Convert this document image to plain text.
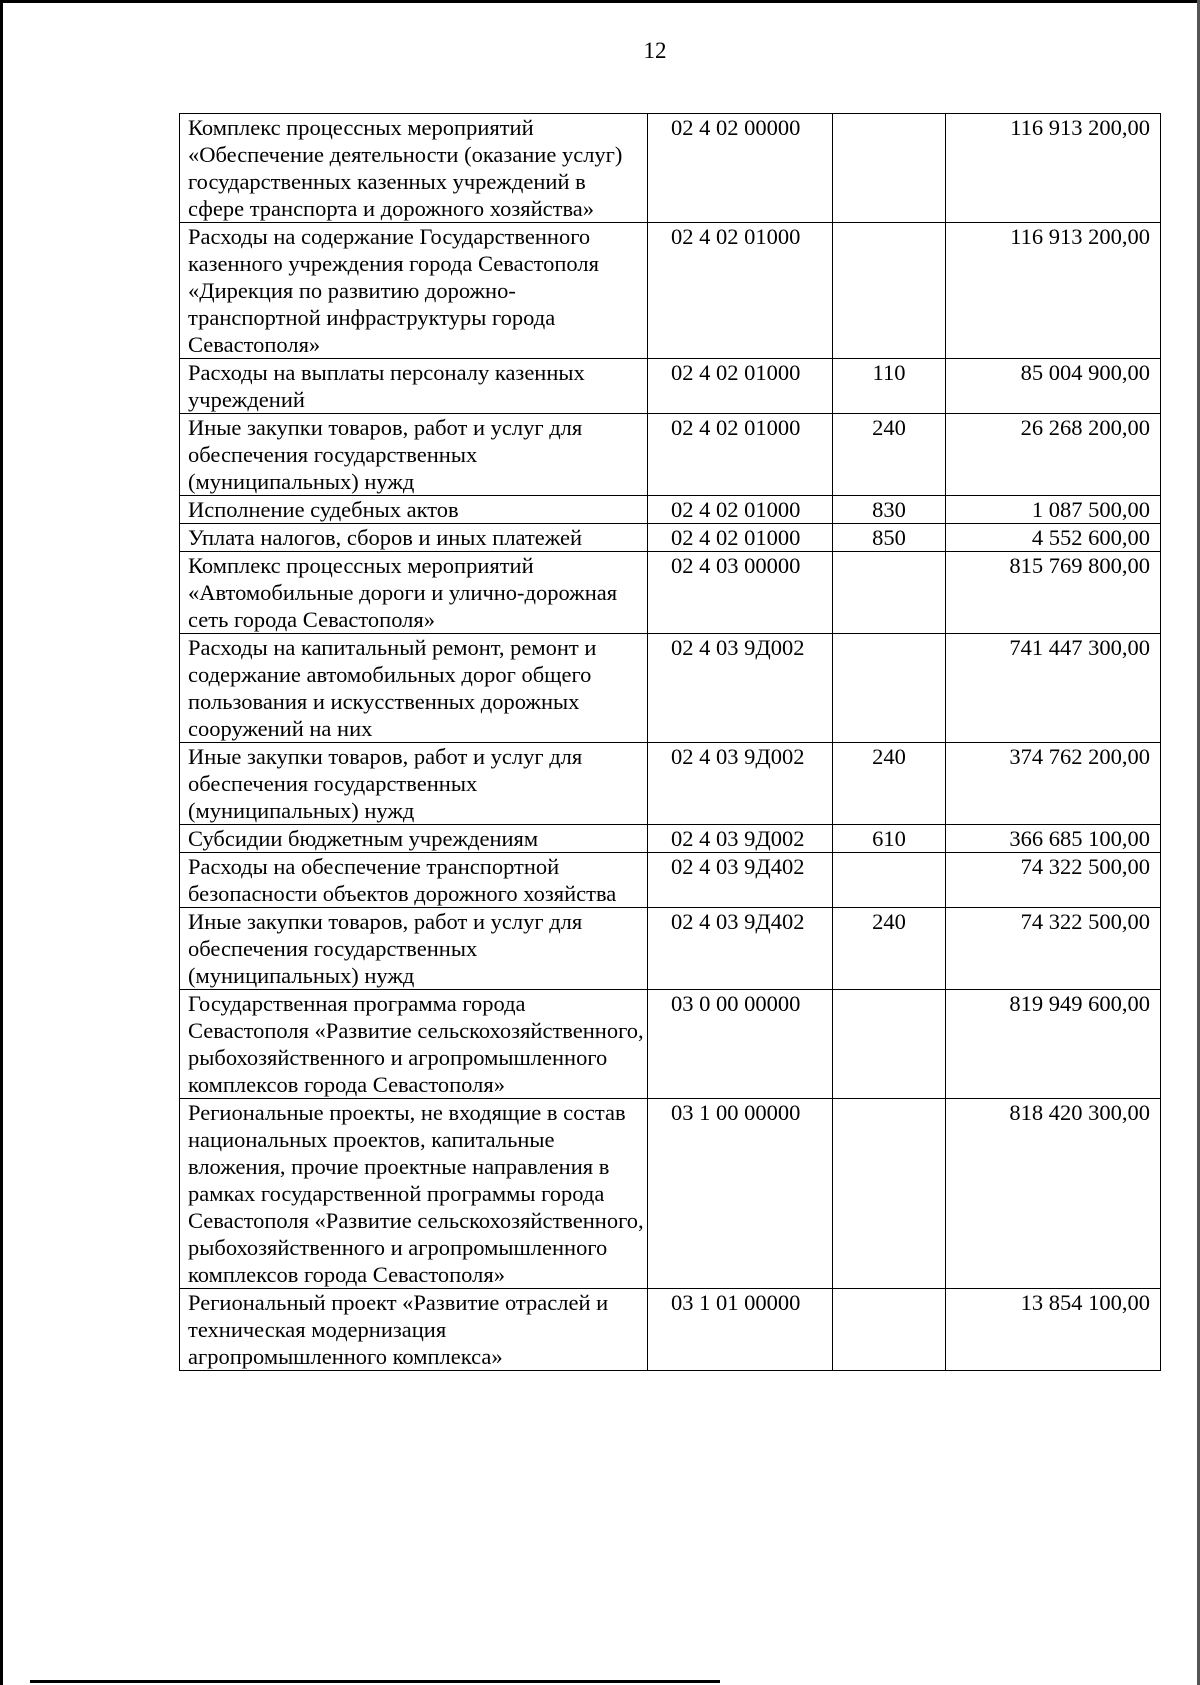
12
Комплекс процессных мероприятий «Обеспечение деятельности (оказание услуг) государственных казенных учреждений в сфере транспорта и дорожного хозяйства»	02 4 02 00000		116 913 200,00
Расходы на содержание Государственного казенного учреждения города Севастополя «Дирекция по развитию дорожно-транспортной инфраструктуры города Севастополя»	02 4 02 01000		116 913 200,00
Расходы на выплаты персоналу казенных учреждений	02 4 02 01000	110	85 004 900,00
Иные закупки товаров, работ и услуг для обеспечения государственных (муниципальных) нужд	02 4 02 01000	240	26 268 200,00
Исполнение судебных актов	02 4 02 01000	830	1 087 500,00
Уплата налогов, сборов и иных платежей	02 4 02 01000	850	4 552 600,00
Комплекс процессных мероприятий «Автомобильные дороги и улично-дорожная сеть города Севастополя»	02 4 03 00000		815 769 800,00
Расходы на капитальный ремонт, ремонт и содержание автомобильных дорог общего пользования и искусственных дорожных сооружений на них	02 4 03 9Д002		741 447 300,00
Иные закупки товаров, работ и услуг для обеспечения государственных (муниципальных) нужд	02 4 03 9Д002	240	374 762 200,00
Субсидии бюджетным учреждениям	02 4 03 9Д002	610	366 685 100,00
Расходы на обеспечение транспортной безопасности объектов дорожного хозяйства	02 4 03 9Д402		74 322 500,00
Иные закупки товаров, работ и услуг для обеспечения государственных (муниципальных) нужд	02 4 03 9Д402	240	74 322 500,00
Государственная программа города Севастополя «Развитие сельскохозяйственного, рыбохозяйственного и агропромышленного комплексов города Севастополя»	03 0 00 00000		819 949 600,00
Региональные проекты, не входящие в состав национальных проектов, капитальные вложения, прочие проектные направления в рамках государственной программы города Севастополя «Развитие сельскохозяйственного, рыбохозяйственного и агропромышленного комплексов города Севастополя»	03 1 00 00000		818 420 300,00
Региональный проект «Развитие отраслей и техническая модернизация агропромышленного комплекса»	03 1 01 00000		13 854 100,00
